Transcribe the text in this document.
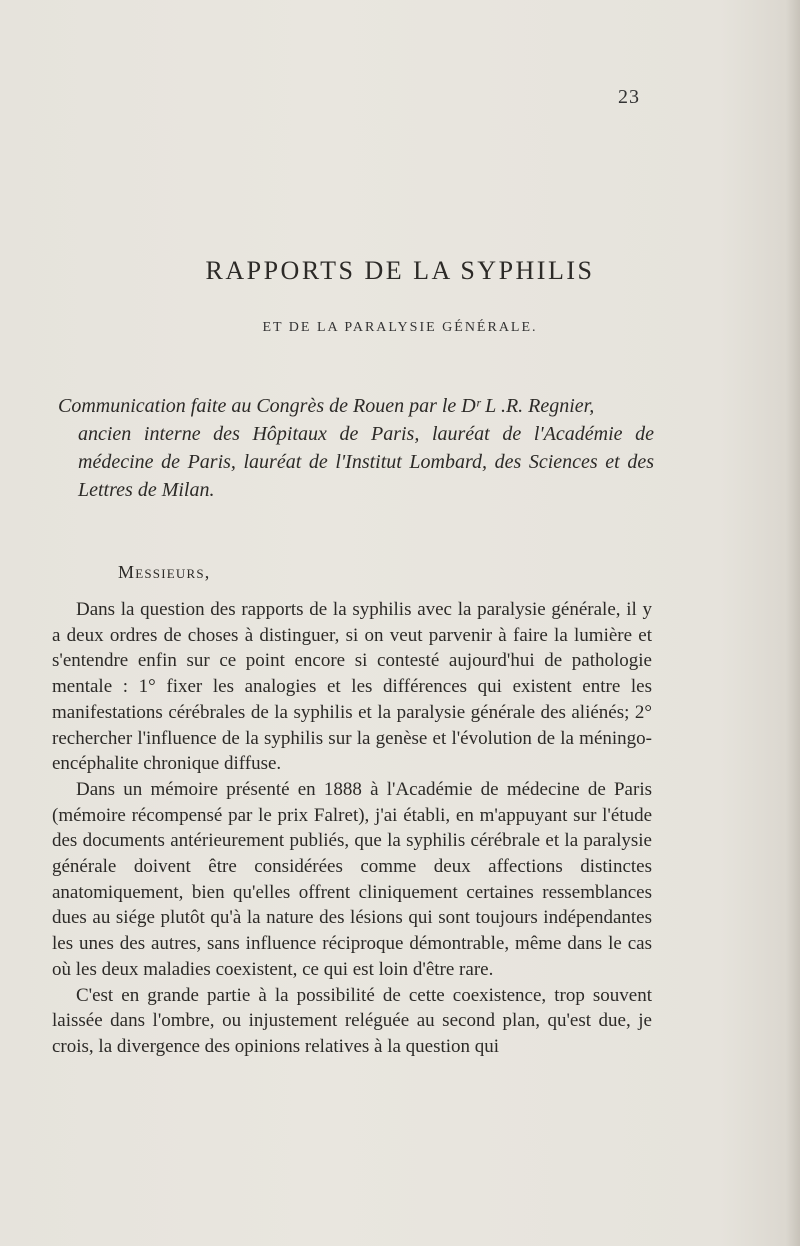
23
RAPPORTS DE LA SYPHILIS
ET DE LA PARALYSIE GÉNÉRALE.
Communication faite au Congrès de Rouen par le Dʳ L .R. Regnier,
ancien interne des Hôpitaux de Paris, lauréat de l'Académie de médecine de Paris, lauréat de l'Institut Lombard, des Sciences et des Lettres de Milan.
Messieurs,

Dans la question des rapports de la syphilis avec la paralysie générale, il y a deux ordres de choses à distinguer, si on veut parvenir à faire la lumière et s'entendre enfin sur ce point encore si contesté aujourd'hui de pathologie mentale : 1° fixer les analogies et les différences qui existent entre les manifestations cérébrales de la syphilis et la paralysie générale des aliénés; 2° rechercher l'influence de la syphilis sur la genèse et l'évolution de la méningo-encéphalite chronique diffuse.

Dans un mémoire présenté en 1888 à l'Académie de médecine de Paris (mémoire récompensé par le prix Falret), j'ai établi, en m'appuyant sur l'étude des documents antérieurement publiés, que la syphilis cérébrale et la paralysie générale doivent être considérées comme deux affections distinctes anatomiquement, bien qu'elles offrent cliniquement certaines ressemblances dues au siége plutôt qu'à la nature des lésions qui sont toujours indépendantes les unes des autres, sans influence réciproque démontrable, même dans le cas où les deux maladies coexistent, ce qui est loin d'être rare.

C'est en grande partie à la possibilité de cette coexistence, trop souvent laissée dans l'ombre, ou injustement reléguée au second plan, qu'est due, je crois, la divergence des opinions relatives à la question qui
